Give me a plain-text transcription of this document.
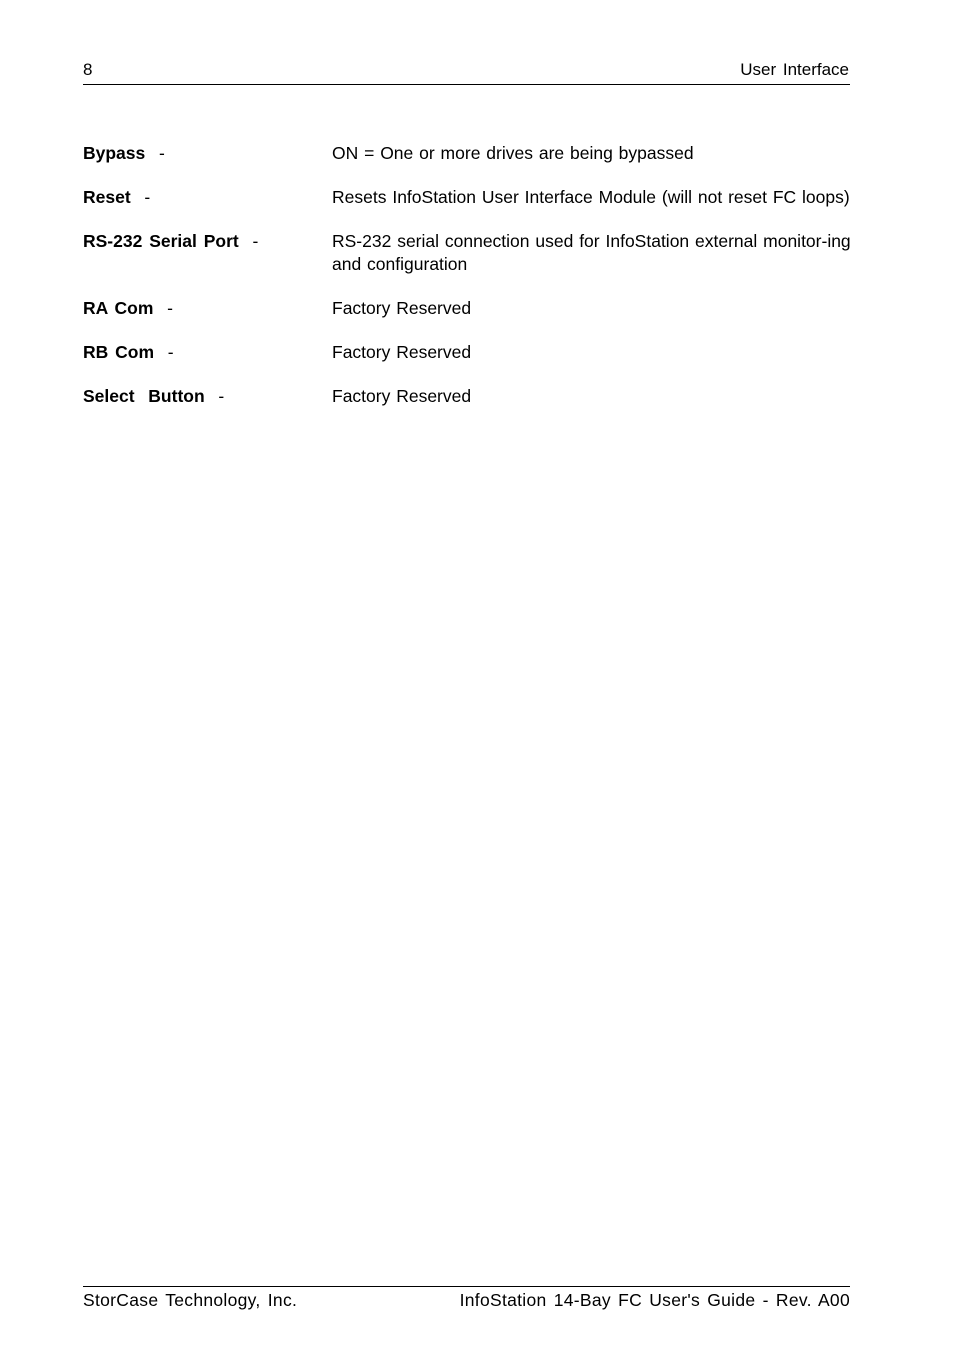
8	User Interface
Bypass -	ON = One or more drives are being bypassed
Reset -	Resets InfoStation User Interface Module (will not reset FC loops)
RS-232 Serial Port -	RS-232 serial connection used for InfoStation external monitor-ing and configuration
RA Com -	Factory Reserved
RB Com -	Factory Reserved
Select  Button -	Factory Reserved
StorCase Technology, Inc.	InfoStation 14-Bay FC User's Guide - Rev. A00
